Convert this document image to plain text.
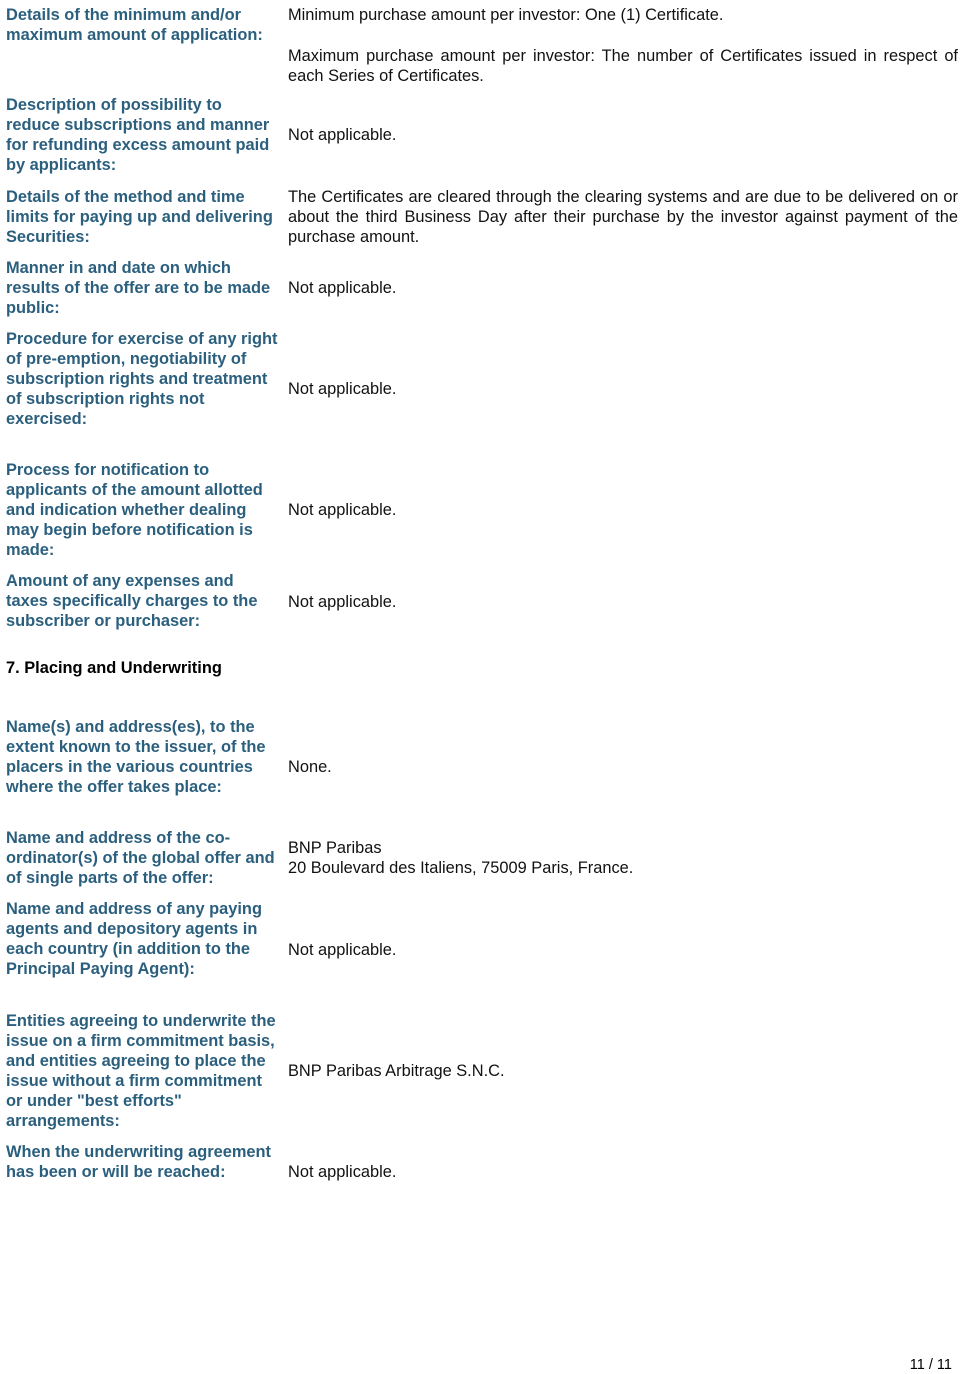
Details of the minimum and/or maximum amount of application:

Minimum purchase amount per investor: One (1) Certificate.

Maximum purchase amount per investor: The number of Certificates issued in respect of each Series of Certificates.

Description of possibility to reduce subscriptions and manner for refunding excess amount paid by applicants:

Not applicable.

Details of the method and time limits for paying up and delivering Securities:

The Certificates are cleared through the clearing systems and are due to be delivered on or about the third Business Day after their purchase by the investor against payment of the purchase amount.

Manner in and date on which results of the offer are to be made public:

Not applicable.

Procedure for exercise of any right of pre-emption, negotiability of subscription rights and treatment of subscription rights not exercised:

Not applicable.

Process for notification to applicants of the amount allotted and indication whether dealing may begin before notification is made:

Not applicable.

Amount of any expenses and taxes specifically charges to the subscriber or purchaser:

Not applicable.

7. Placing and Underwriting

Name(s) and address(es), to the extent known to the issuer, of the placers in the various countries where the offer takes place:

None.

Name and address of the co-ordinator(s) of the global offer and of single parts of the offer:

BNP Paribas
20 Boulevard des Italiens, 75009 Paris, France.

Name and address of any paying agents and depository agents in each country (in addition to the Principal Paying Agent):

Not applicable.

Entities agreeing to underwrite the issue on a firm commitment basis, and entities agreeing to place the issue without a firm commitment or under "best efforts" arrangements:

BNP Paribas Arbitrage S.N.C.

When the underwriting agreement has been or will be reached:	Not applicable.

11 / 11
